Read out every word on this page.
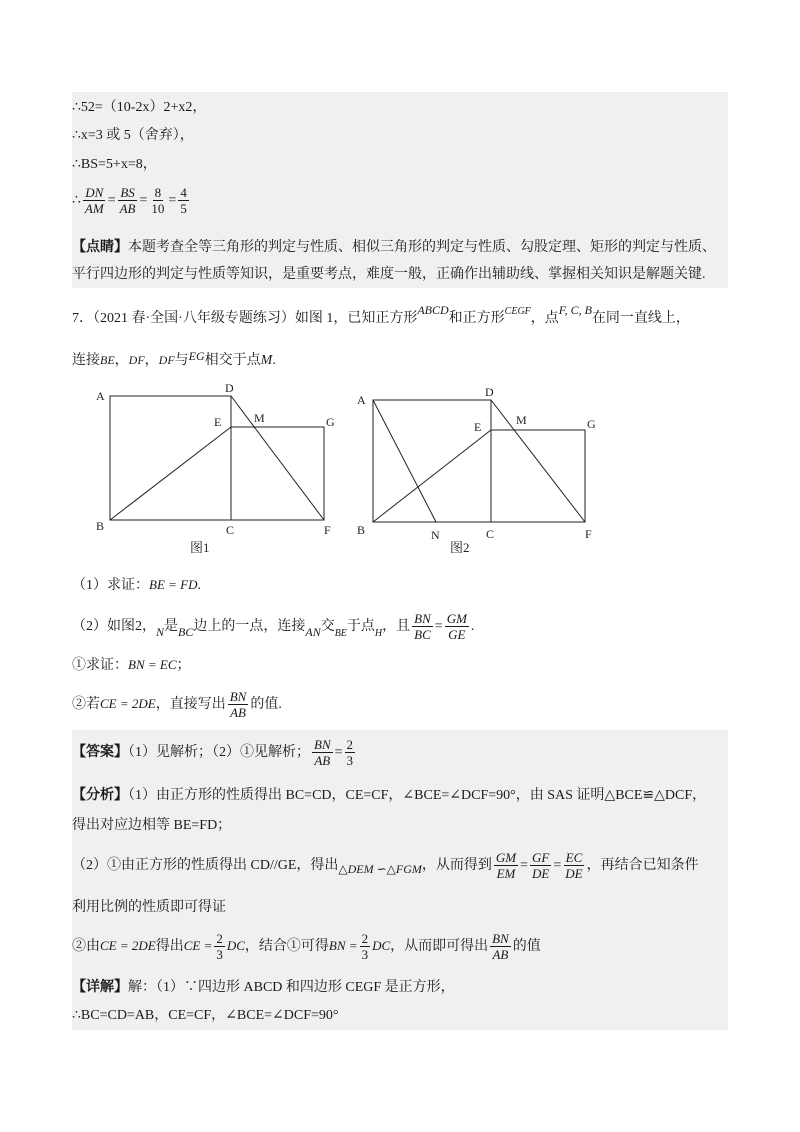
∴52=（10-2x）2+x2，
∴x=3 或 5（舍弃），
∴BS=5+x=8，
∴ $\frac{DN}{AM} = \frac{BS}{AB} = \frac{8}{10} = \frac{4}{5}$
【点睛】本题考查全等三角形的判定与性质、相似三角形的判定与性质、勾股定理、矩形的判定与性质、
平行四边形的判定与性质等知识，是重要考点，难度一般，正确作出辅助线、掌握相关知识是解题关键.
7．（2021 春·全国·八年级专题练习）如图 1，已知正方形ABCD和正方形$^{CEGF}$，点F, C, B在同一直线上，
连接BE，DF，DF与EG相交于点M.
A
B	C
D
E
F
G
M
图1
A
B	N	C
D
E
F
G
M
图2
（1）求证：BE = FD.
（2）如图2，N是BC边上的一点，连接AN交$_{BE}$于点$_H$，且 $\frac{BN}{BC} = \frac{GM}{GE}$ .
①求证：BN = EC；
②若CE = 2DE，直接写出 $\frac{BN}{AB}$ 的值.
【答案】（1）见解析；（2）①见解析； $\frac{BN}{AB} = \frac{2}{3}$
【分析】（1）由正方形的性质得出 BC=CD，CE=CF，∠BCE=∠DCF=90°，由 SAS 证明△BCE≌△DCF，
得出对应边相等 BE=FD；
（2）①由正方形的性质得出 CD//GE，得出△DEM ∽△FGM，从而得到 $\frac{GM}{EM} = \frac{GF}{DE} = \frac{EC}{DE}$ ，再结合已知条件
利用比例的性质即可得证
②由CE = 2DE得出CE = $\frac{2}{3}$ DC，结合①可得BN = $\frac{2}{3}$ DC，从而即可得出 $\frac{BN}{AB}$ 的值
【详解】解：（1）∵四边形 ABCD 和四边形 CEGF 是正方形，
∴BC=CD=AB，CE=CF，∠BCE=∠DCF=90°
